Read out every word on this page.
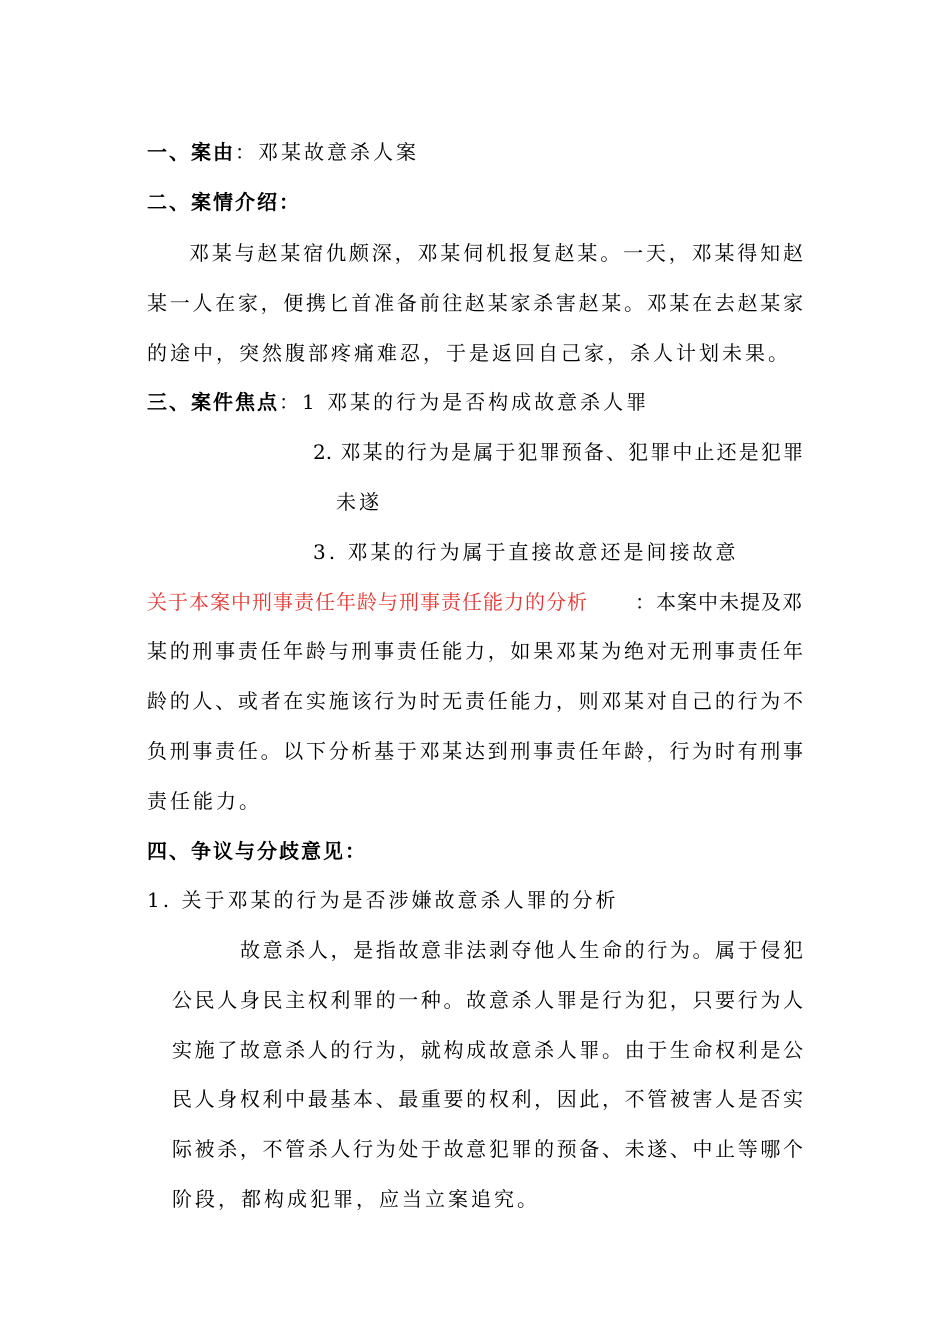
一、案由：邓某故意杀人案
二、案情介绍：
邓某与赵某宿仇颇深，邓某伺机报复赵某。一天，邓某得知赵
某一人在家，便携匕首准备前往赵某家杀害赵某。邓某在去赵某家
的途中，突然腹部疼痛难忍，于是返回自己家，杀人计划未果。
三、案件焦点：1 邓某的行为是否构成故意杀人罪
2. 邓某的行为是属于犯罪预备、犯罪中止还是犯罪
未遂
3. 邓某的行为属于直接故意还是间接故意
关于本案中刑事责任年龄与刑事责任能力的分析 ：本案中未提及邓
某的刑事责任年龄与刑事责任能力，如果邓某为绝对无刑事责任年
龄的人、或者在实施该行为时无责任能力，则邓某对自己的行为不
负刑事责任。以下分析基于邓某达到刑事责任年龄，行为时有刑事
责任能力。
四、争议与分歧意见：
1. 关于邓某的行为是否涉嫌故意杀人罪的分析
故意杀人，是指故意非法剥夺他人生命的行为。属于侵犯
公民人身民主权利罪的一种。故意杀人罪是行为犯，只要行为人
实施了故意杀人的行为，就构成故意杀人罪。由于生命权利是公
民人身权利中最基本、最重要的权利，因此，不管被害人是否实
际被杀，不管杀人行为处于故意犯罪的预备、未遂、中止等哪个
阶段，都构成犯罪，应当立案追究。
